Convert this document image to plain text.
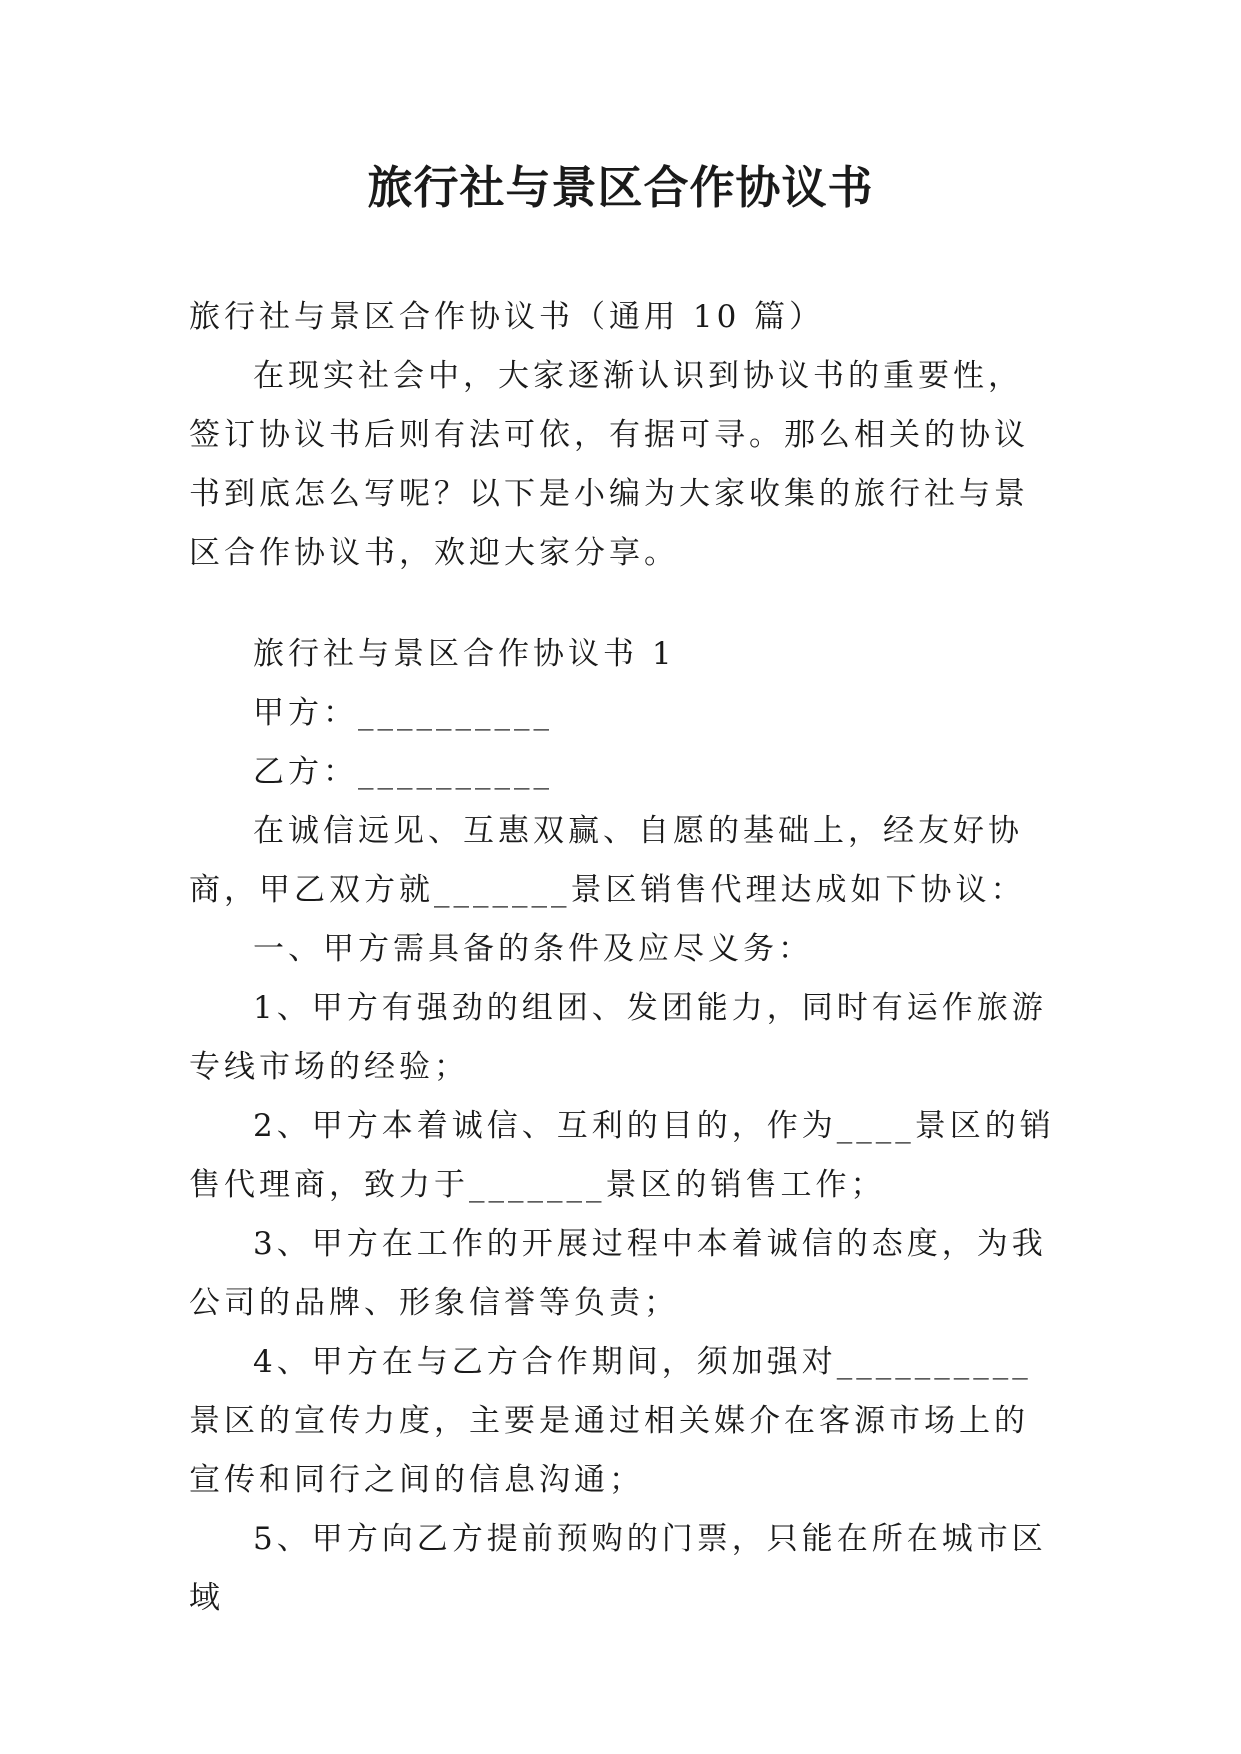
旅行社与景区合作协议书

旅行社与景区合作协议书（通用 10 篇）

在现实社会中，大家逐渐认识到协议书的重要性，签订协议书后则有法可依，有据可寻。那么相关的协议书到底怎么写呢？以下是小编为大家收集的旅行社与景区合作协议书，欢迎大家分享。

旅行社与景区合作协议书 1

甲方：__________

乙方：__________

在诚信远见、互惠双赢、自愿的基础上，经友好协商，甲乙双方就_______景区销售代理达成如下协议：

一、甲方需具备的条件及应尽义务：

1、甲方有强劲的组团、发团能力，同时有运作旅游专线市场的经验；

2、甲方本着诚信、互利的目的，作为____景区的销售代理商，致力于_______景区的销售工作；

3、甲方在工作的开展过程中本着诚信的态度，为我公司的品牌、形象信誉等负责；

4、甲方在与乙方合作期间，须加强对__________景区的宣传力度，主要是通过相关媒介在客源市场上的宣传和同行之间的信息沟通；

5、甲方向乙方提前预购的门票，只能在所在城市区域
